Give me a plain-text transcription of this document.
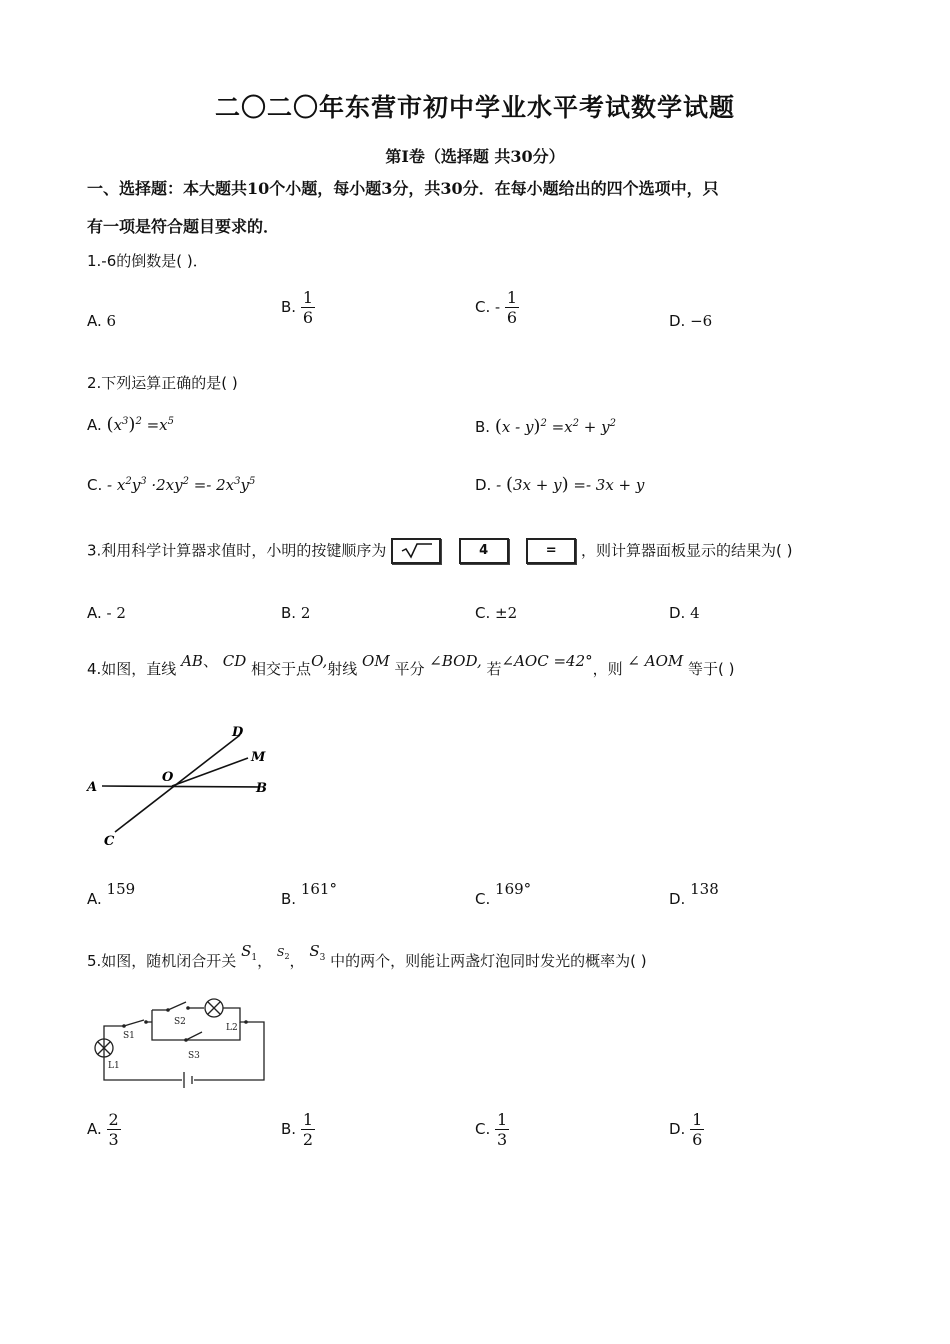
二〇二〇年东营市初中学业水平考试数学试题
第Ⅰ卷（选择题 共30分）
一、选择题：本大题共10个小题，每小题3分，共30分．在每小题给出的四个选项中，只
有一项是符合题目要求的．
1.-6的倒数是( )．
A. 6
B. $\frac{1}{6}$	C. - $\frac{1}{6}$	D. −6
2.下列运算正确的是( )
A. $(x^3)^2 =x^5$	B. $(x - y)^2 =x^2 + y^2$
C. - $x^2y^3 \cdot 2xy^2 =- 2x^3y^5$	D. - (3x + y) =- 3x + y
3.利用科学计算器求值时，小明的按键顺序为	4	= ，则计算器面板显示的结果为( )
A. - 2	B. 2	C. ±2	D. 4
4.如图，直线 AB、 CD 相交于点O,射线 OM 平分 ∠BOD, 若∠AOC =42°，则 ∠ AOM 等于( )
D
M
O
A	B
C
A. 159
B. 161°
C. 169°
D. 138
5.如图，随机闭合开关 $S_1$， $^{S_2}$， $S_3$ 中的两个，则能让两盏灯泡同时发光的概率为( )
S1
S2
S3
L1
L2
A. $\frac{2}{3}$	B. $\frac{1}{2}$	C. $\frac{1}{3}$	D. $\frac{1}{6}$
